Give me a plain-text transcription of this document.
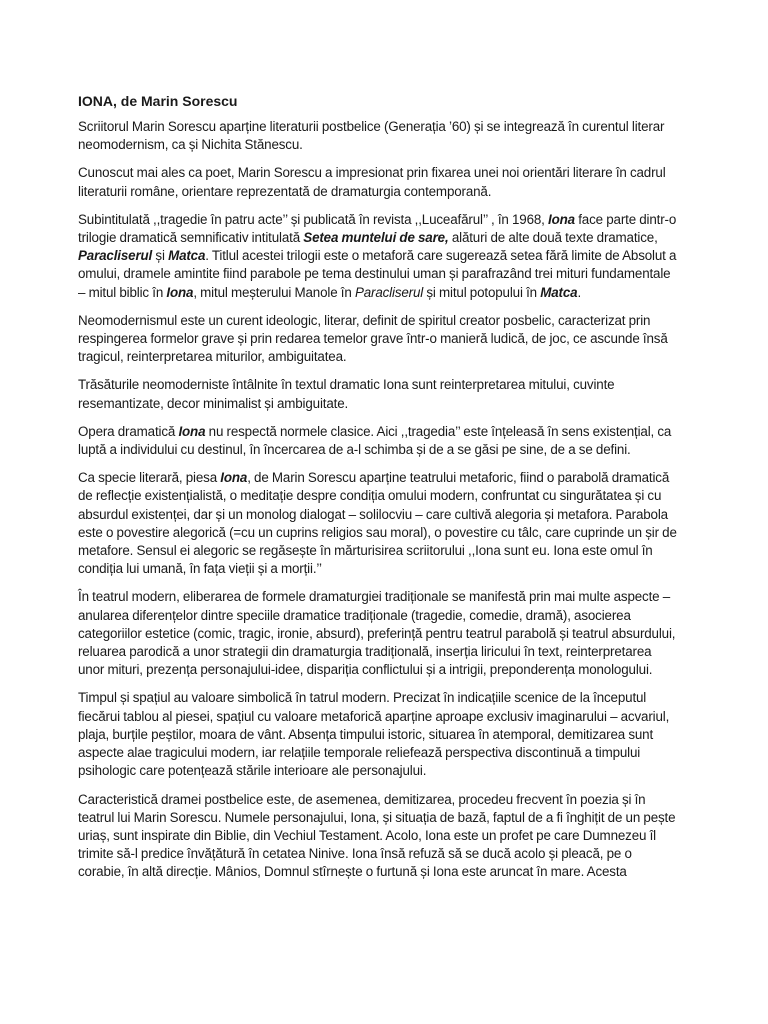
IONA, de Marin Sorescu

Scriitorul Marin Sorescu aparține literaturii postbelice (Generația ’60) și se integrează în curentul literar neomodernism, ca și Nichita Stănescu.

Cunoscut mai ales ca poet, Marin Sorescu a impresionat prin fixarea unei noi orientări literare în cadrul literaturii române, orientare reprezentată de dramaturgia contemporană.

Subintitulată ,,tragedie în patru acte’’ și publicată în revista ,,Luceafărul’’ , în 1968, Iona face parte dintr-o trilogie dramatică semnificativ intitulată Setea muntelui de sare, alături de alte două texte dramatice, Paracliserul și Matca. Titlul acestei trilogii este o metaforă care sugerează setea fără limite de Absolut a omului, dramele amintite fiind parabole pe tema destinului uman și parafrazând trei mituri fundamentale – mitul biblic în Iona, mitul meșterului Manole în Paracliserul și mitul potopului în Matca.

Neomodernismul este un curent ideologic, literar, definit de spiritul creator posbelic, caracterizat prin respingerea formelor grave și prin redarea temelor grave într-o manieră ludică, de joc, ce ascunde însă tragicul, reinterpretarea miturilor, ambiguitatea.

Trăsăturile neomoderniste întâlnite în textul dramatic Iona sunt reinterpretarea mitului, cuvinte resemantizate, decor minimalist și ambiguitate.

Opera dramatică Iona nu respectă normele clasice. Aici ,,tragedia’’ este înțeleasă în sens existențial, ca luptă a individului cu destinul, în încercarea de a-l schimba și de a se găsi pe sine, de a se defini.

Ca specie literară, piesa Iona, de Marin Sorescu aparține teatrului metaforic, fiind o parabolă dramatică de reflecție existențialistă, o meditație despre condiția omului modern, confruntat cu singurătatea și cu absurdul existenței, dar și un monolog dialogat – solilocviu – care cultivă alegoria și metafora. Parabola este o povestire alegorică (=cu un cuprins religios sau moral), o povestire cu tâlc, care cuprinde un șir de metafore. Sensul ei alegoric se regăsește în mărturisirea scriitorului ,,Iona sunt eu. Iona este omul în condiția lui umană, în fața vieții și a morții.’’

În teatrul modern, eliberarea de formele dramaturgiei tradiționale se manifestă prin mai multe aspecte – anularea diferențelor dintre speciile dramatice tradiționale (tragedie, comedie, dramă), asocierea categoriilor estetice (comic, tragic, ironie, absurd), preferință pentru teatrul parabolă și teatrul absurdului, reluarea parodică a unor strategii din dramaturgia tradițională, inserția liricului în text, reinterpretarea unor mituri, prezența personajului-idee, dispariția conflictului și a intrigii, preponderența monologului.

Timpul și spațiul au valoare simbolică în tatrul modern. Precizat în indicațiile scenice de la începutul fiecărui tablou al piesei, spațiul cu valoare metaforică aparține aproape exclusiv imaginarului – acvariul, plaja, burțile peștilor, moara de vânt. Absența timpului istoric, situarea în atemporal, demitizarea sunt aspecte alae tragicului modern, iar relațiile temporale reliefează perspectiva discontinuă a timpului psihologic care potențează stările interioare ale personajului.

Caracteristică dramei postbelice este, de asemenea, demitizarea, procedeu frecvent în poezia și în teatrul lui Marin Sorescu. Numele personajului, Iona, și situația de bază, faptul de a fi înghițit de un pește uriaș, sunt inspirate din Biblie, din Vechiul Testament. Acolo, Iona este un profet pe care Dumnezeu îl trimite să-l predice învățătură în cetatea Ninive. Iona însă refuză să se ducă acolo și pleacă, pe o corabie, în altă direcție. Mânios, Domnul stîrnește o furtună și Iona este aruncat în mare. Acesta
